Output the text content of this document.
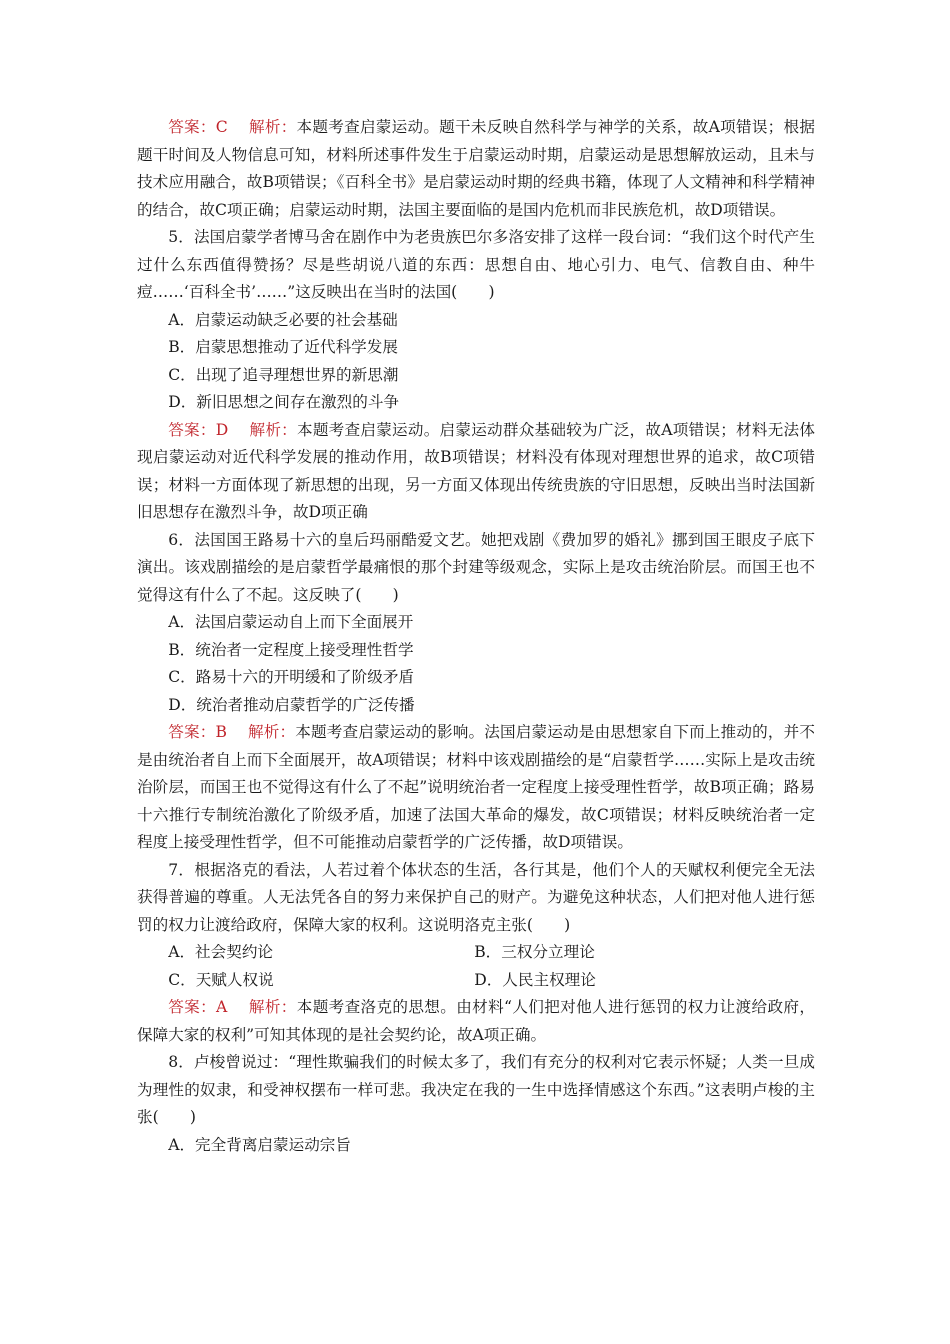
答案：C　 解析：本题考查启蒙运动。题干未反映自然科学与神学的关系，故A项错误；根据题干时间及人物信息可知，材料所述事件发生于启蒙运动时期，启蒙运动是思想解放运动，且未与技术应用融合，故B项错误；《百科全书》是启蒙运动时期的经典书籍，体现了人文精神和科学精神的结合，故C项正确；启蒙运动时期，法国主要面临的是国内危机而非民族危机，故D项错误。

5．法国启蒙学者博马舍在剧作中为老贵族巴尔多洛安排了这样一段台词：“我们这个时代产生过什么东西值得赞扬？尽是些胡说八道的东西：思想自由、地心引力、电气、信教自由、种牛痘……‘百科全书’……”这反映出在当时的法国(　　)

A．启蒙运动缺乏必要的社会基础

B．启蒙思想推动了近代科学发展

C．出现了追寻理想世界的新思潮

D．新旧思想之间存在激烈的斗争

答案：D　 解析：本题考查启蒙运动。启蒙运动群众基础较为广泛，故A项错误；材料无法体现启蒙运动对近代科学发展的推动作用，故B项错误；材料没有体现对理想世界的追求，故C项错误；材料一方面体现了新思想的出现，另一方面又体现出传统贵族的守旧思想，反映出当时法国新旧思想存在激烈斗争，故D项正确

6．法国国王路易十六的皇后玛丽酷爱文艺。她把戏剧《费加罗的婚礼》挪到国王眼皮子底下演出。该戏剧描绘的是启蒙哲学最痛恨的那个封建等级观念，实际上是攻击统治阶层。而国王也不觉得这有什么了不起。这反映了(　　)

A．法国启蒙运动自上而下全面展开

B．统治者一定程度上接受理性哲学

C．路易十六的开明缓和了阶级矛盾

D．统治者推动启蒙哲学的广泛传播

答案：B　 解析：本题考查启蒙运动的影响。法国启蒙运动是由思想家自下而上推动的，并不是由统治者自上而下全面展开，故A项错误；材料中该戏剧描绘的是“启蒙哲学……实际上是攻击统治阶层，而国王也不觉得这有什么了不起”说明统治者一定程度上接受理性哲学，故B项正确；路易十六推行专制统治激化了阶级矛盾，加速了法国大革命的爆发，故C项错误；材料反映统治者一定程度上接受理性哲学，但不可能推动启蒙哲学的广泛传播，故D项错误。

7．根据洛克的看法，人若过着个体状态的生活，各行其是，他们个人的天赋权利便完全无法获得普遍的尊重。人无法凭各自的努力来保护自己的财产。为避免这种状态，人们把对他人进行惩罚的权力让渡给政府，保障大家的权利。这说明洛克主张(　　)

A．社会契约论	B．三权分立理论
C．天赋人权说	D．人民主权理论

答案：A　 解析：本题考查洛克的思想。由材料“人们把对他人进行惩罚的权力让渡给政府，保障大家的权利”可知其体现的是社会契约论，故A项正确。

8．卢梭曾说过：“理性欺骗我们的时候太多了，我们有充分的权利对它表示怀疑；人类一旦成为理性的奴隶，和受神权摆布一样可悲。我决定在我的一生中选择情感这个东西。”这表明卢梭的主张(　　)

A．完全背离启蒙运动宗旨
